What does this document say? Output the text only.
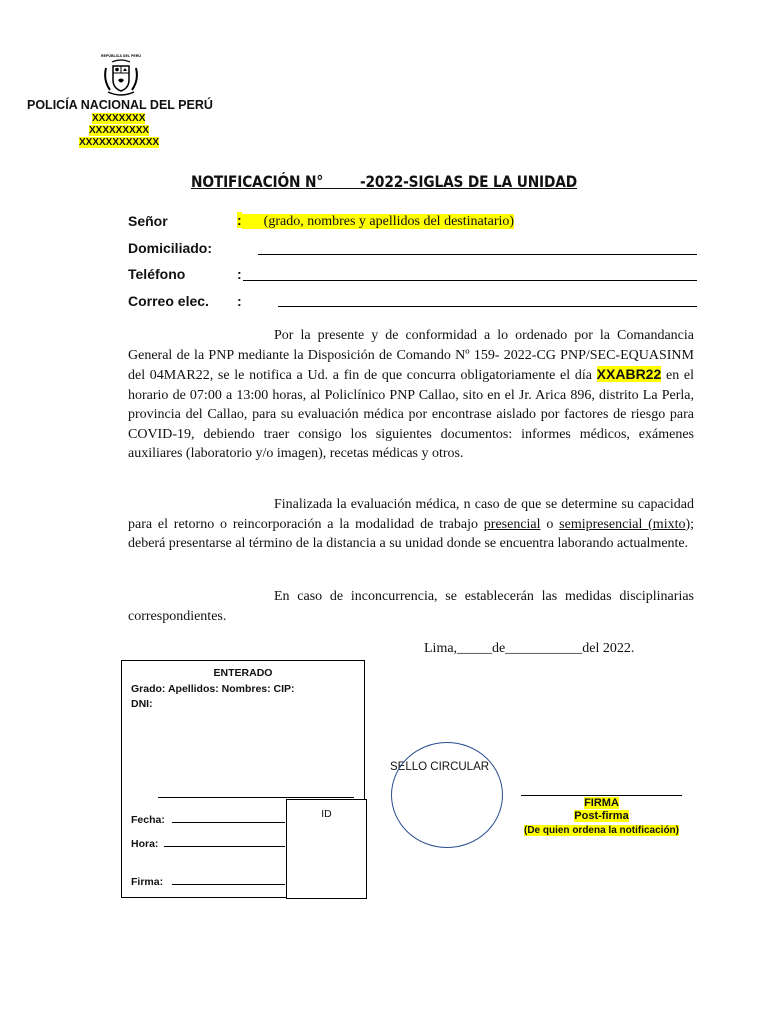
REPÚBLICA DEL PERÚ
POLICÍA NACIONAL DEL PERÚ
XXXXXXXX
XXXXXXXXX
XXXXXXXXXXXX
NOTIFICACIÓN N°        -2022-SIGLAS DE LA UNIDAD
Señor	: (grado, nombres y apellidos del destinatario)
Domiciliado:
Teléfono	:
Correo elec. :
Por la presente y de conformidad a lo ordenado por la Comandancia General de la PNP mediante la Disposición de Comando Nº 159- 2022-CG PNP/SEC-EQUASINM del 04MAR22, se le notifica a Ud. a fin de que concurra obligatoriamente el día XXABR22 en el horario de 07:00 a 13:00 horas, al Policlínico PNP Callao, sito en el Jr. Arica 896, distrito La Perla, provincia del Callao, para su evaluación médica por encontrase aislado por factores de riesgo para COVID-19, debiendo traer consigo los siguientes documentos: informes médicos, exámenes auxiliares (laboratorio y/o imagen), recetas médicas y otros.
Finalizada la evaluación médica, n caso de que se determine su capacidad para el retorno o reincorporación a la modalidad de trabajo presencial o semipresencial (mixto); deberá presentarse al término de la distancia a su unidad donde se encuentra laborando actualmente.
En caso de inconcurrencia, se establecerán las medidas disciplinarias correspondientes.
Lima,_____de___________del 2022.
ENTERADO
Grado: Apellidos: Nombres: CIP:
DNI:
ID
Fecha:
Hora:
Firma:
SELLO CIRCULAR
FIRMA
Post-firma
(De quien ordena la notificación)
